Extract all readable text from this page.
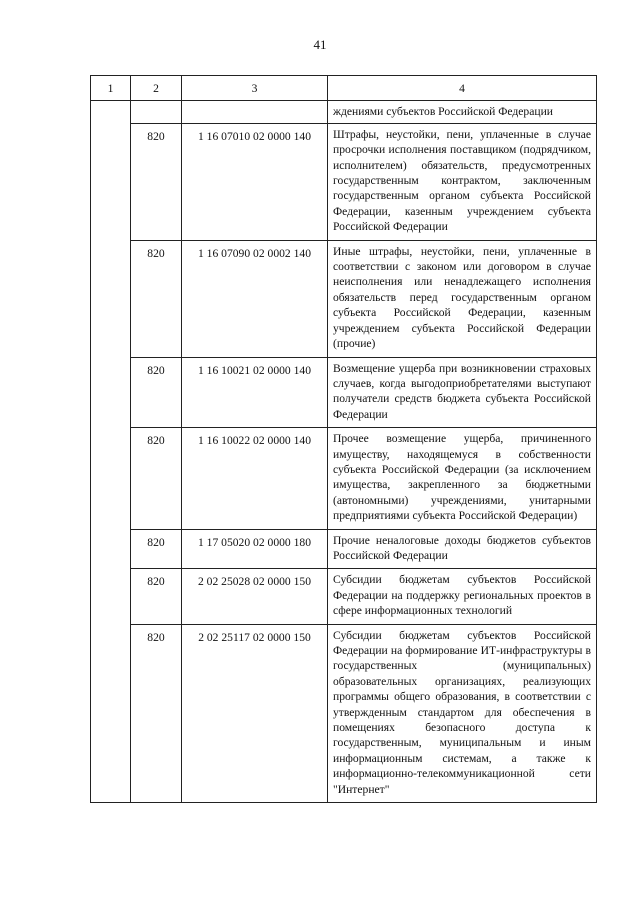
41
1	2	3	4
			ждениями субъектов Российской Федерации
	820	1 16 07010 02 0000 140	Штрафы, неустойки, пени, уплаченные в случае просрочки исполнения поставщиком (подрядчиком, исполнителем) обязательств, предусмотренных государственным контрактом, заключенным государственным органом субъекта Российской Федерации, казенным учреждением субъекта Российской Федерации
	820	1 16 07090 02 0002 140	Иные штрафы, неустойки, пени, уплаченные в соответствии с законом или договором в случае неисполнения или ненадлежащего исполнения обязательств перед государственным органом субъекта Российской Федерации, казенным учреждением субъекта Российской Федерации (прочие)
	820	1 16 10021 02 0000 140	Возмещение ущерба при возникновении страховых случаев, когда выгодоприобретателями выступают получатели средств бюджета субъекта Российской Федерации
	820	1 16 10022 02 0000 140	Прочее возмещение ущерба, причиненного имуществу, находящемуся в собственности субъекта Российской Федерации (за исключением имущества, закрепленного за бюджетными (автономными) учреждениями, унитарными предприятиями субъекта Российской Федерации)
	820	1 17 05020 02 0000 180	Прочие неналоговые доходы бюджетов субъектов Российской Федерации
	820	2 02 25028 02 0000 150	Субсидии бюджетам субъектов Российской Федерации на поддержку региональных проектов в сфере информационных технологий
	820	2 02 25117 02 0000 150	Субсидии бюджетам субъектов Российской Федерации на формирование ИТ-инфраструктуры в государственных (муниципальных) образовательных организациях, реализующих программы общего образования, в соответствии с утвержденным стандартом для обеспечения в помещениях безопасного доступа к государственным, муниципальным и иным информационным системам, а также к информационно-телекоммуникационной сети "Интернет"
